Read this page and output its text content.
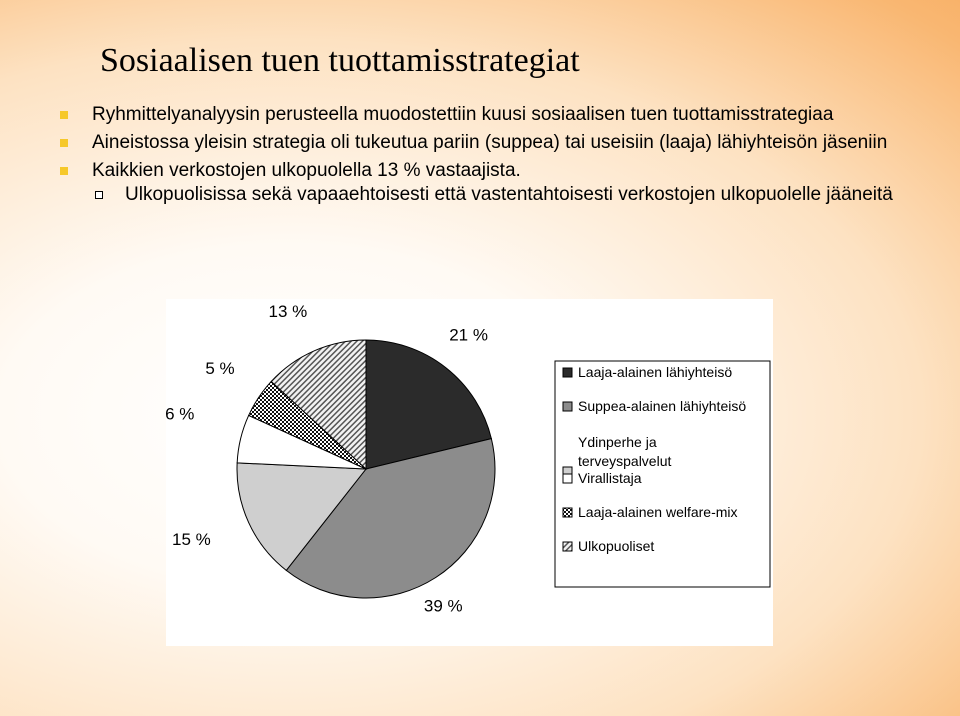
Sosiaalisen tuen tuottamisstrategiat
Ryhmittelyanalyysin perusteella muodostettiin kuusi sosiaalisen tuen tuottamisstrategiaa
Aineistossa yleisin strategia oli tukeutua pariin (suppea) tai useisiin (laaja) lähiyhteisön jäseniin
Kaikkien verkostojen ulkopuolella 13 % vastaajista.
Ulkopuolisissa sekä vapaaehtoisesti että vastentahtoisesti verkostojen ulkopuolelle jääneitä
21 %
39 %
15 %
6 %
5 %
13 %
Laaja-alainen lähiyhteisö
Suppea-alainen lähiyhteisö
Ydinperhe ja
terveyspalvelut
Virallistaja
Laaja-alainen welfare-mix
Ulkopuoliset
